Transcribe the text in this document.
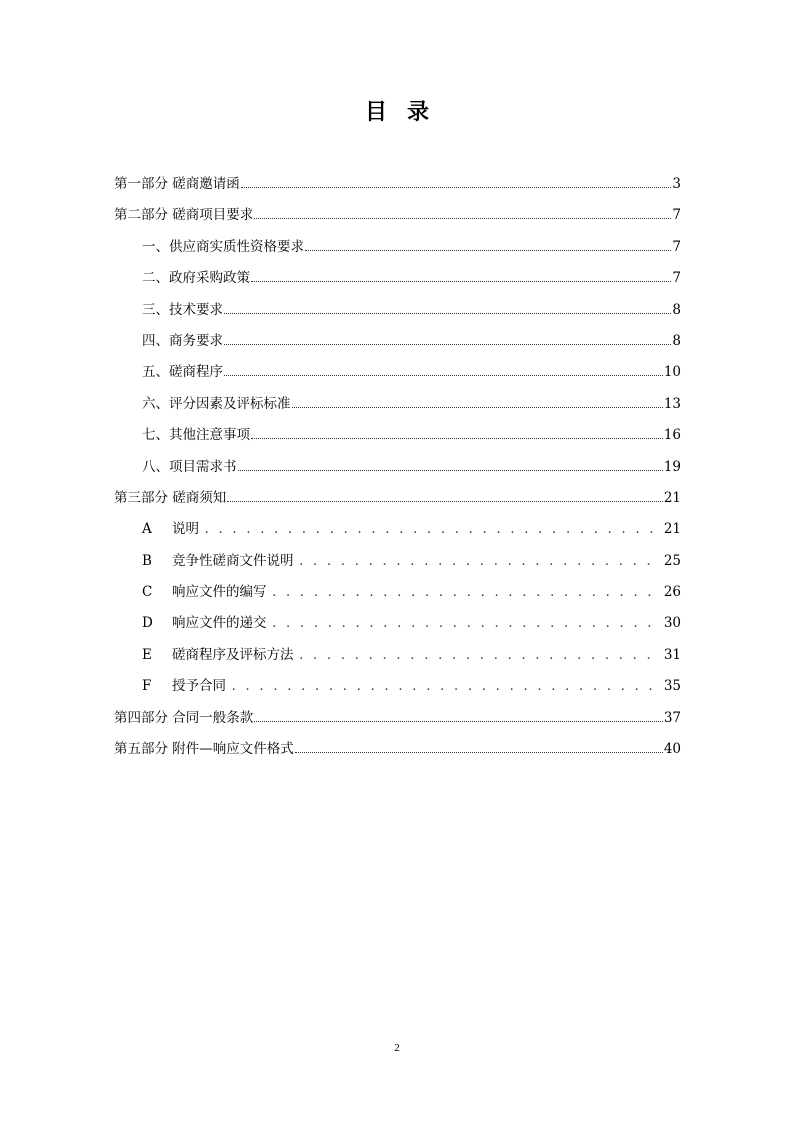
目录
第一部分 磋商邀请函	3
第二部分 磋商项目要求	7
一、供应商实质性资格要求	7
二、政府采购政策	7
三、技术要求	8
四、商务要求	8
五、磋商程序	10
六、评分因素及评标标准	13
七、其他注意事项	16
八、项目需求书	19
第三部分 磋商须知	21
A	说明 . .	21
B	竞争性磋商文件说明 . .	25
C	响应文件的编写 . .	26
D	响应文件的递交 . .	30
E	磋商程序及评标方法 . .	31
F	授予合同 . .	35
第四部分 合同一般条款	37
第五部分 附件—响应文件格式	40
2
